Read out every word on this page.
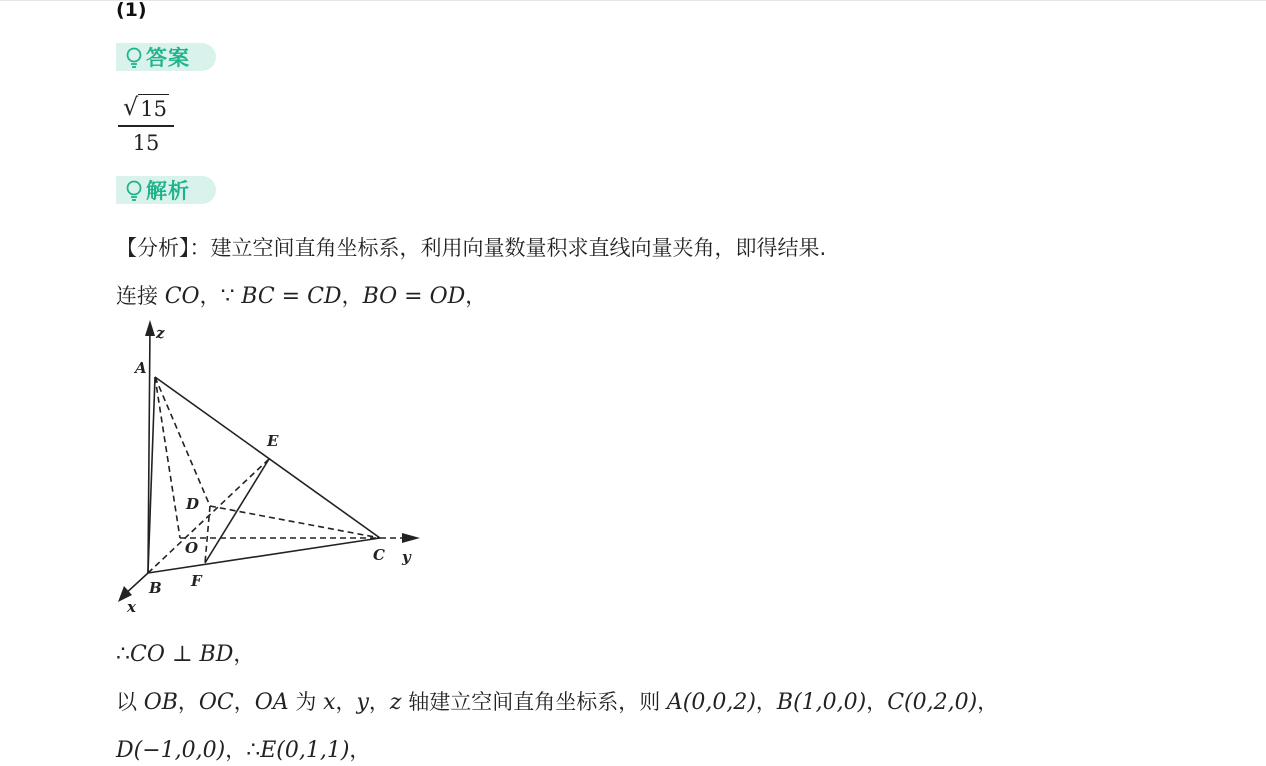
(1)
答案
√ 15
15
解析
【分析】：建立空间直角坐标系，利用向量数量积求直线向量夹角，即得结果.
连接 CO，∵ BC = CD，BO = OD，
z
A
E
D
O	C y
B F
x
∴CO ⊥ BD，
以 OB，OC，OA 为 x，y，z 轴建立空间直角坐标系，则 A(0,0,2)，B(1,0,0)，C(0,2,0)，
D(−1,0,0)，∴E(0,1,1)，
